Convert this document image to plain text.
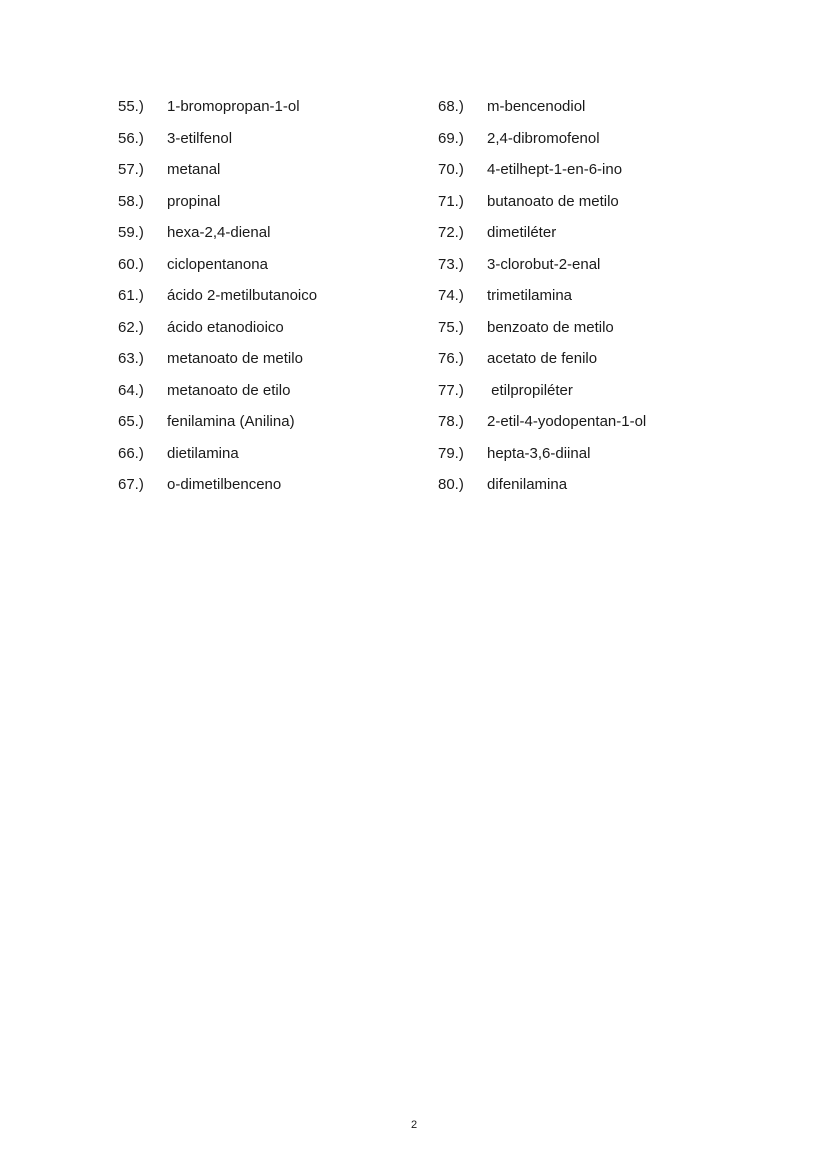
55.)	1-bromopropan-1-ol
56.)	3-etilfenol
57.)	metanal
58.)	propinal
59.)	hexa-2,4-dienal
60.)	ciclopentanona
61.)	ácido 2-metilbutanoico
62.)	ácido etanodioico
63.)	metanoato de metilo
64.)	metanoato de etilo
65.)	fenilamina (Anilina)
66.)	dietilamina
67.)	o-dimetilbenceno
68.)	m-bencenodiol
69.)	2,4-dibromofenol
70.)	4-etilhept-1-en-6-ino
71.)	butanoato de metilo
72.)	dimetiléter
73.)	3-clorobut-2-enal
74.)	trimetilamina
75.)	benzoato de metilo
76.)	acetato de fenilo
77.)	etilpropiléter
78.)	2-etil-4-yodopentan-1-ol
79.)	hepta-3,6-diinal
80.)	difenilamina
2
